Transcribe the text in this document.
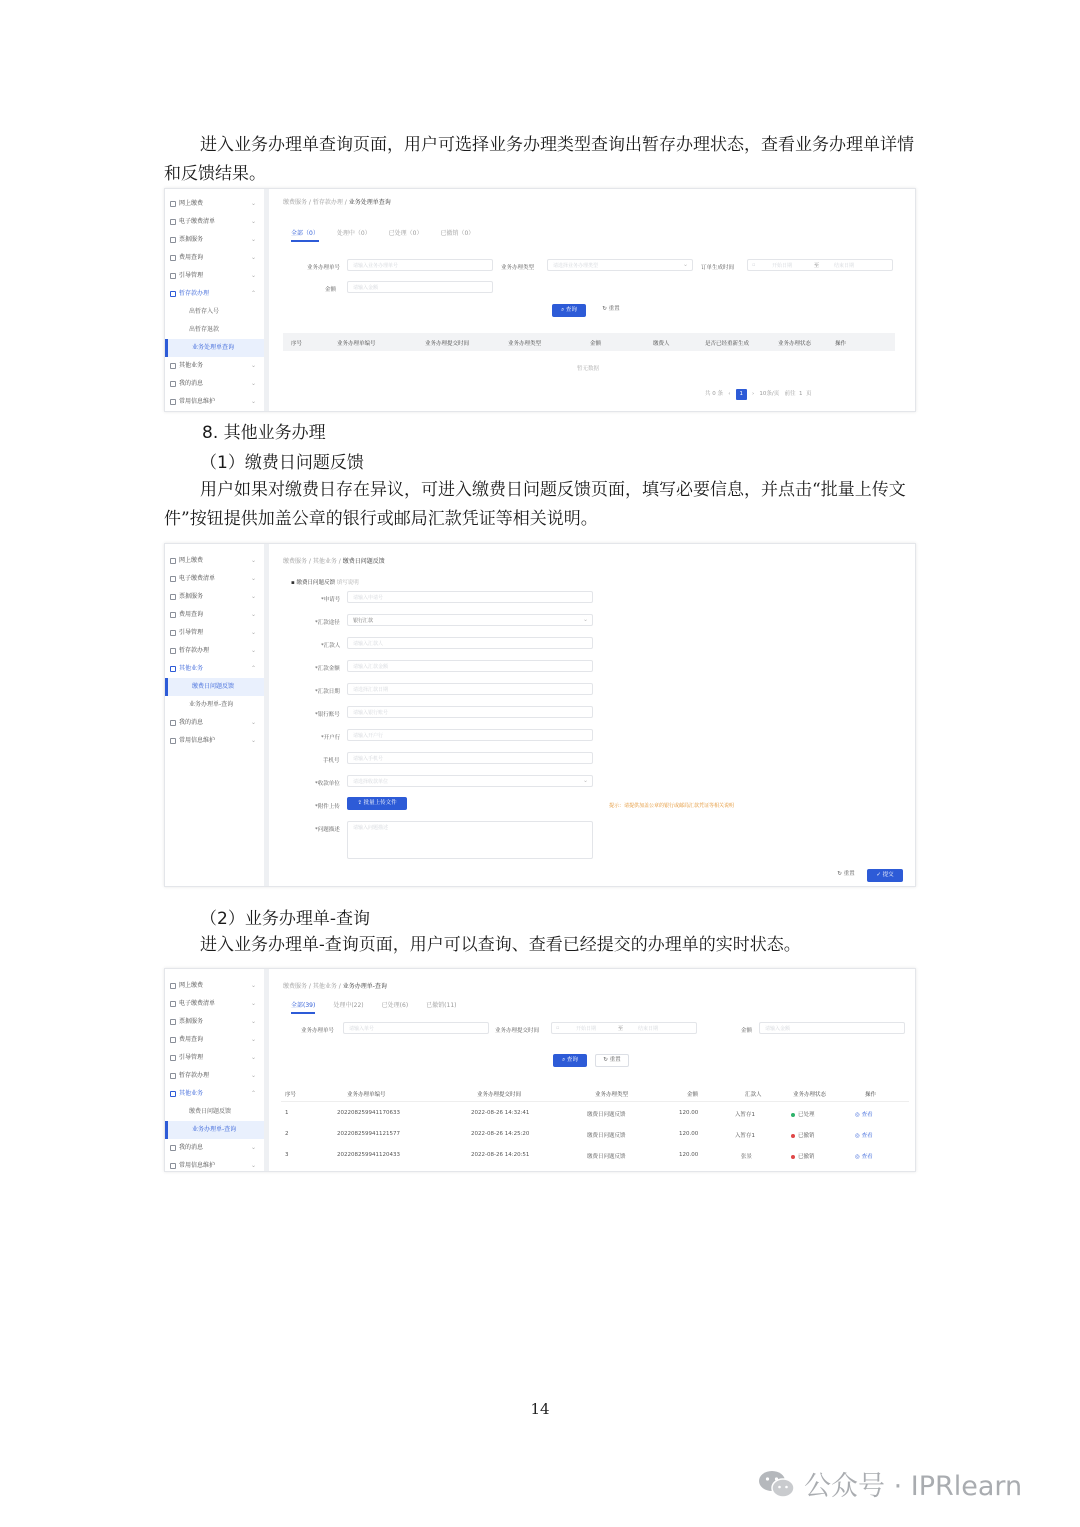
进入业务办理单查询页面，用户可选择业务办理类型查询出暂存办理状态，查看业务办理单详情和反馈结果。
网上缴费	⌄
电子缴费清单	⌄
票据服务	⌄
费用查询	⌄
引导管理	⌄
暂存款办理	⌃
出暂存入号
出暂存退款
业务处理单查询
其他业务	⌄
我的消息	⌄
常用信息维护	⌄
缴费服务 / 暂存款办理 / 业务处理单查询
全部（0）	处理中（0）	已处理（0）	已撤销（0）
业务办理单号	请输入业务办理单号	业务办理类型	请选择业务办理类型	⌄ 订单生成时间	▫	开始日期	至	结束日期
金额	请输入金额
⌕ 查询	↻ 重置
序号	业务办理单编号	业务办理提交时间	业务办理类型	金额	缴费人	是否已经重新生成	业务办理状态	操作
暂无数据
共 0 条 ‹ 1 › 10条/页 前往 1 页
8. 其他业务办理
（1）缴费日问题反馈
用户如果对缴费日存在异议，可进入缴费日问题反馈页面，填写必要信息，并点击“批量上传文件”按钮提供加盖公章的银行或邮局汇款凭证等相关说明。
网上缴费	⌄
电子缴费清单	⌄
票据服务	⌄
费用查询	⌄
引导管理	⌄
暂存款办理	⌄
其他业务	⌃
缴费日问题反馈
业务办理单-查询
我的消息	⌄
常用信息维护	⌄
缴费服务 / 其他业务 / 缴费日问题反馈
▪ 缴费日问题反馈 填写说明
*申请号	请输入申请号
*汇款途径	银行汇款	⌄
*汇款人	请输入汇款人
*汇款金额	请输入汇款金额
*汇款日期	请选择汇款日期
*银行账号	请输入银行账号
*开户行	请输入开户行
手机号	请输入手机号
*收款单位	请选择收款单位	⌄
*附件上传
⇪ 批量上传文件	提示：请提供加盖公章的银行或邮局汇款凭证等相关说明
*问题描述	请输入问题描述
↻ 重置	✓ 提交
（2）业务办理单-查询
进入业务办理单-查询页面，用户可以查询、查看已经提交的办理单的实时状态。
网上缴费	⌄
电子缴费清单	⌄
票据服务	⌄
费用查询	⌄
引导管理	⌄
暂存款办理	⌄
其他业务	⌃
缴费日问题反馈
业务办理单-查询
我的消息	⌄
常用信息维护	⌄
缴费服务 / 其他业务 / 业务办理单-查询
全部(39)	处理中(22)	已处理(6)	已撤销(11)
业务办理单号	请输入单号	业务办理提交时间	▫	开始日期	至	结束日期	金额	请输入金额
⌕ 查询	↻ 重置
序号	业务办理单编号	业务办理提交时间	业务办理类型	金额	汇款人	业务办理状态	操作
1	20220825994117063​3	2022-08-26 14:32:41	缴费日问题反馈	120.00	入暂存1	已处理	◎ 查看
2	202208259941121577	2022-08-26 14:25:20	缴费日问题反馈	120.00	入暂存1	已撤销	◎ 查看
3	202208259941120433	2022-08-26 14:20:51	缴费日问题反馈	120.00	张景	已撤销	◎ 查看
14
公众号 · IPRlearn
